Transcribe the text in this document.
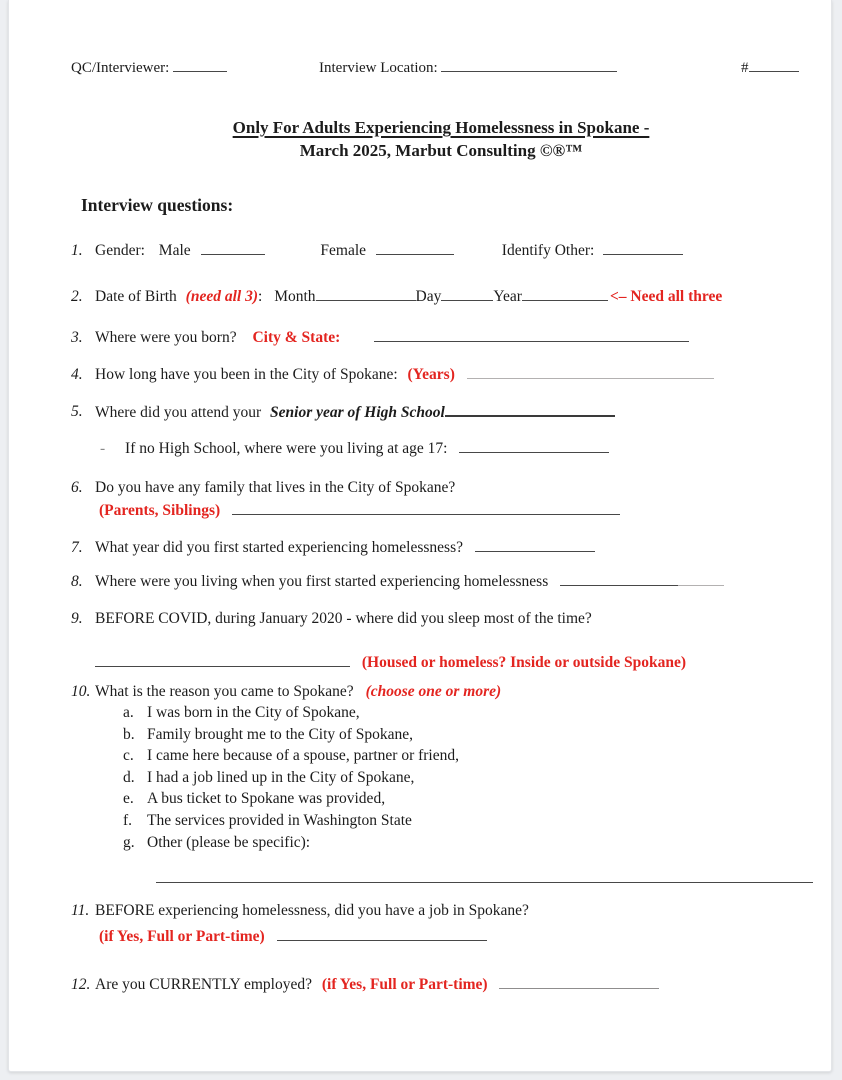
QC/Interviewer:	Interview Location:	#
Only For Adults Experiencing Homelessness in Spokane -
March 2025, Marbut Consulting ©®™
Interview questions:
1. Gender: Male	Female	Identify Other:
2. Date of Birth (need all 3): Month	Day	Year	<– Need all three
3. Where were you born? City & State:
4. How long have you been in the City of Spokane: (Years)
5. Where did you attend your Senior year of High School
- If no High School, where were you living at age 17:
6. Do you have any family that lives in the City of Spokane?
(Parents, Siblings)
7. What year did you first started experiencing homelessness?
8. Where were you living when you first started experiencing homelessness
9. BEFORE COVID, during January 2020 - where did you sleep most of the time?
(Housed or homeless? Inside or outside Spokane)
10. What is the reason you came to Spokane? (choose one or more)
a. I was born in the City of Spokane,
b. Family brought me to the City of Spokane,
c. I came here because of a spouse, partner or friend,
d. I had a job lined up in the City of Spokane,
e. A bus ticket to Spokane was provided,
f. The services provided in Washington State
g. Other (please be specific):
11. BEFORE experiencing homelessness, did you have a job in Spokane?
(if Yes, Full or Part-time)
12. Are you CURRENTLY employed? (if Yes, Full or Part-time)
